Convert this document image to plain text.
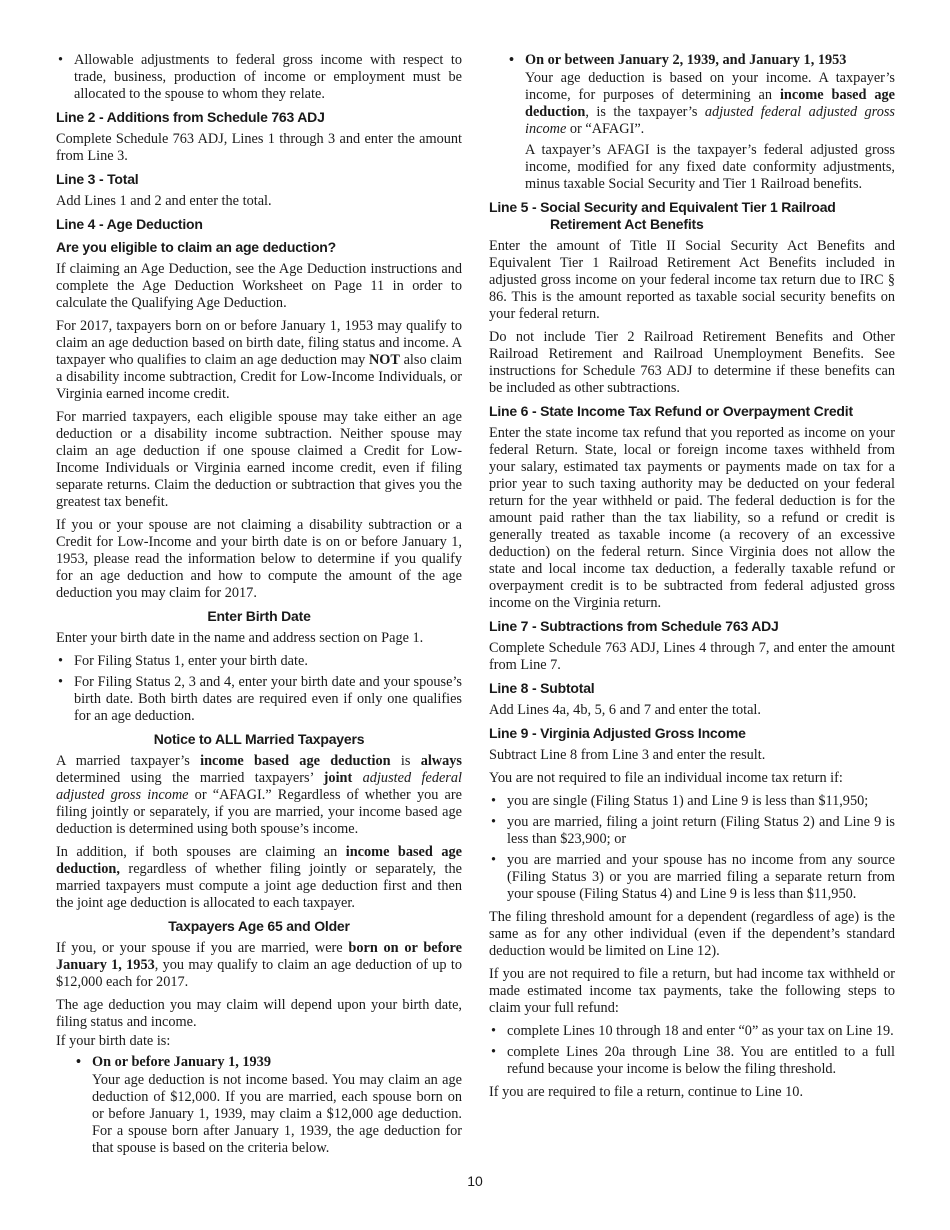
• Allowable adjustments to federal gross income with respect to trade, business, production of income or employment must be allocated to the spouse to whom they relate.
Line 2 - Additions from Schedule 763 ADJ

Complete Schedule 763 ADJ, Lines 1 through 3 and enter the amount from Line 3.

Line 3 - Total

Add Lines 1 and 2 and enter the total.

Line 4 - Age Deduction
Are you eligible to claim an age deduction?

If claiming an Age Deduction, see the Age Deduction instructions and complete the Age Deduction Worksheet on Page 11 in order to calculate the Qualifying Age Deduction.

For 2017, taxpayers born on or before January 1, 1953 may qualify to claim an age deduction based on birth date, filing status and income. A taxpayer who qualifies to claim an age deduction may NOT also claim a disability income subtraction, Credit for Low-Income Individuals, or Virginia earned income credit.

For married taxpayers, each eligible spouse may take either an age deduction or a disability income subtraction. Neither spouse may claim an age deduction if one spouse claimed a Credit for Low-Income Individuals or Virginia earned income credit, even if filing separate returns. Claim the deduction or subtraction that gives you the greatest tax benefit.

If you or your spouse are not claiming a disability subtraction or a Credit for Low-Income and your birth date is on or before January 1, 1953, please read the information below to determine if you qualify for an age deduction and how to compute the amount of the age deduction you may claim for 2017.

Enter Birth Date

Enter your birth date in the name and address section on Page 1.

• For Filing Status 1, enter your birth date.
• For Filing Status 2, 3 and 4, enter your birth date and your spouse’s birth date. Both birth dates are required even if only one qualifies for an age deduction.
Notice to ALL Married Taxpayers

A married taxpayer’s income based age deduction is always determined using the married taxpayers’ joint adjusted federal adjusted gross income or “AFAGI.” Regardless of whether you are filing jointly or separately, if you are married, your income based age deduction is determined using both spouse’s income.

In addition, if both spouses are claiming an income based age deduction, regardless of whether filing jointly or separately, the married taxpayers must compute a joint age deduction first and then the joint age deduction is allocated to each taxpayer.

Taxpayers Age 65 and Older

If you, or your spouse if you are married, were born on or before January 1, 1953, you may qualify to claim an age deduction of up to $12,000 each for 2017.

The age deduction you may claim will depend upon your birth date, filing status and income.

If your birth date is:

• On or before January 1, 1939
Your age deduction is not income based. You may claim an age deduction of $12,000. If you are married, each spouse born on or before January 1, 1939, may claim a $12,000 age deduction. For a spouse born after January 1, 1939, the age deduction for that spouse is based on the criteria below.
• On or between January 2, 1939, and January 1, 1953
Your age deduction is based on your income. A taxpayer’s income, for purposes of determining an income based age deduction, is the taxpayer’s adjusted federal adjusted gross income or “AFAGI”.
A taxpayer’s AFAGI is the taxpayer’s federal adjusted gross income, modified for any fixed date conformity adjustments, minus taxable Social Security and Tier 1 Railroad benefits.
Line 5 - Social Security and Equivalent Tier 1 Railroad Retirement Act Benefits

Enter the amount of Title II Social Security Act Benefits and Equivalent Tier 1 Railroad Retirement Act Benefits included in adjusted gross income on your federal income tax return due to IRC § 86. This is the amount reported as taxable social security benefits on your federal return.

Do not include Tier 2 Railroad Retirement Benefits and Other Railroad Retirement and Railroad Unemployment Benefits. See instructions for Schedule 763 ADJ to determine if these benefits can be included as other subtractions.

Line 6 - State Income Tax Refund or Overpayment Credit

Enter the state income tax refund that you reported as income on your federal Return. State, local or foreign income taxes withheld from your salary, estimated tax payments or payments made on tax for a prior year to such taxing authority may be deducted on your federal return for the year withheld or paid. The federal deduction is for the amount paid rather than the tax liability, so a refund or credit is generally treated as taxable income (a recovery of an excessive deduction) on the federal return. Since Virginia does not allow the state and local income tax deduction, a federally taxable refund or overpayment credit is to be subtracted from federal adjusted gross income on the Virginia return.

Line 7 - Subtractions from Schedule 763 ADJ

Complete Schedule 763 ADJ, Lines 4 through 7, and enter the amount from Line 7.

Line 8 - Subtotal

Add Lines 4a, 4b, 5, 6 and 7 and enter the total.

Line 9 - Virginia Adjusted Gross Income

Subtract Line 8 from Line 3 and enter the result.

You are not required to file an individual income tax return if:

• you are single (Filing Status 1) and Line 9 is less than $11,950;
• you are married, filing a joint return (Filing Status 2) and Line 9 is less than $23,900; or
• you are married and your spouse has no income from any source (Filing Status 3) or you are married filing a separate return from your spouse (Filing Status 4) and Line 9 is less than $11,950.

The filing threshold amount for a dependent (regardless of age) is the same as for any other individual (even if the dependent’s standard deduction would be limited on Line 12).

If you are not required to file a return, but had income tax withheld or made estimated income tax payments, take the following steps to claim your full refund:

• complete Lines 10 through 18 and enter “0” as your tax on Line 19.
• complete Lines 20a through Line 38. You are entitled to a full refund because your income is below the filing threshold.

If you are required to file a return, continue to Line 10.

10
